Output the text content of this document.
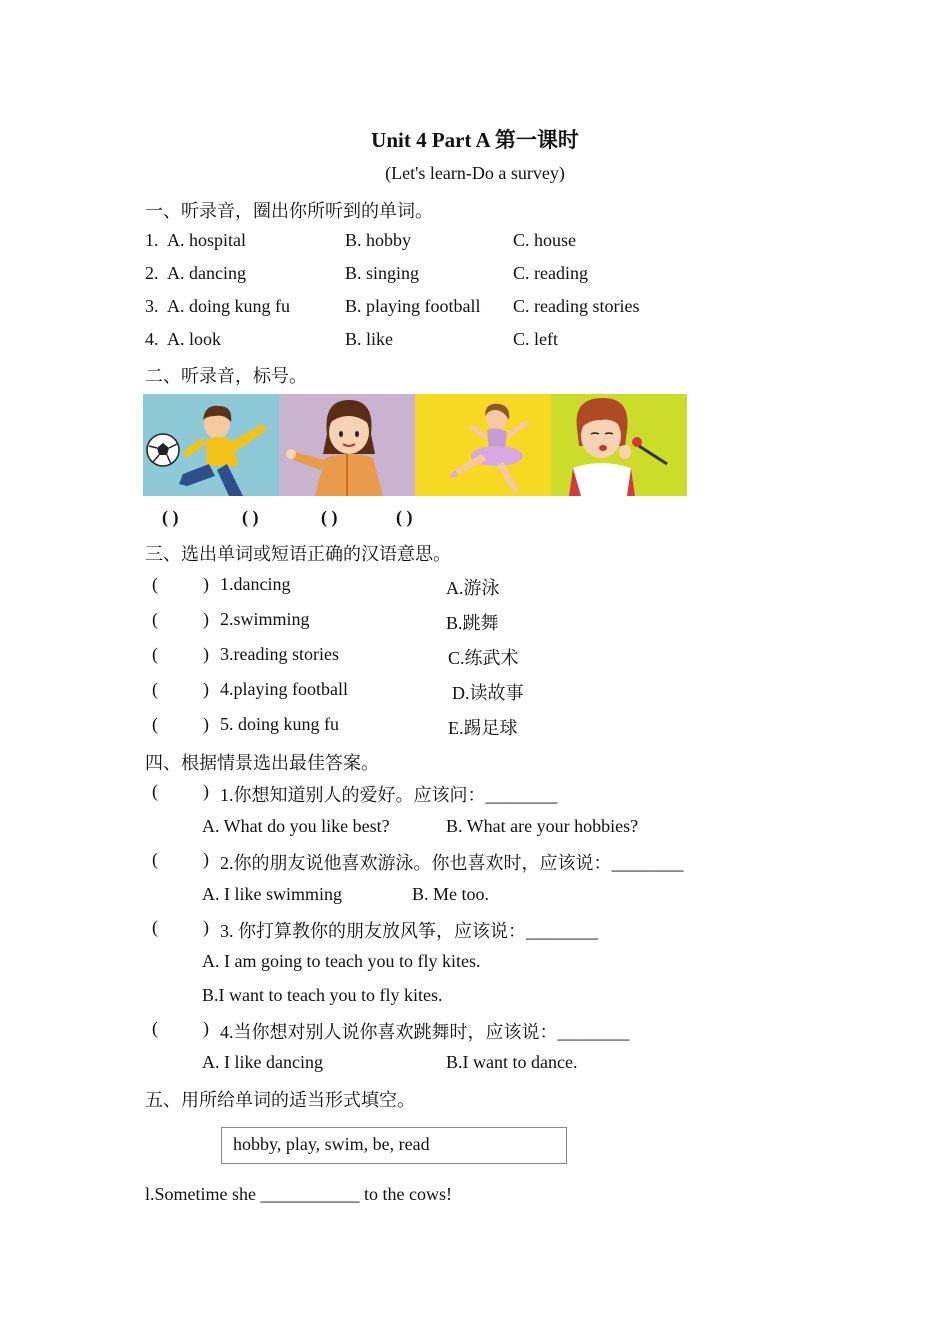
Unit 4 Part A 第一课时
(Let's learn-Do a survey)
一、听录音，圈出你所听到的单词。
1. A. hospital	B. hobby	C. house
2. A. dancing	B. singing	C. reading
3. A. doing kung fu	B. playing football C. reading stories
4. A. look	B. like	C. left
二、听录音，标号。
( )	( )	( )	( )
三、选出单词或短语正确的汉语意思。
(	) 1.dancing	A.游泳
(	) 2.swimming	B.跳舞
(	) 3.reading stories	C.练武术
(	) 4.playing football	D.读故事
(	) 5. doing kung fu	E.踢足球
四、根据情景选出最佳答案。
(	) 1.你想知道别人的爱好。应该问：________
A. What do you like best?	B. What are your hobbies?
(	) 2.你的朋友说他喜欢游泳。你也喜欢时，应该说：________
A. I like swimming	B. Me too.
(	) 3. 你打算教你的朋友放风筝，应该说：________
A. I am going to teach you to fly kites.
B.I want to teach you to fly kites.
(	) 4.当你想对别人说你喜欢跳舞时，应该说：________
A. I like dancing	B.I want to dance.
五、用所给单词的适当形式填空。
hobby, play, swim, be, read
l.Sometime she ___________ to the cows!
